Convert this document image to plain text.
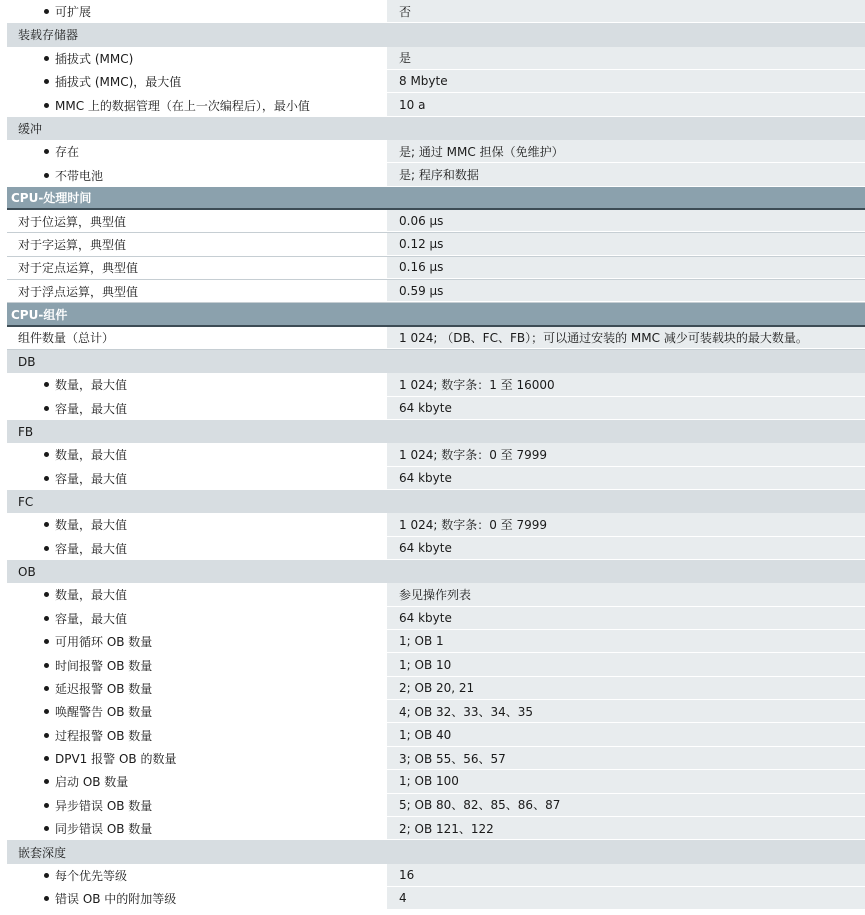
可扩展	否
装载存储器
插拔式 (MMC)	是
插拔式 (MMC)，最大值	8 Mbyte
MMC 上的数据管理（在上一次编程后），最小值	10 a
缓冲
存在	是; 通过 MMC 担保（免维护）
不带电池	是; 程序和数据
CPU-处理时间
对于位运算，典型值	0.06 μs
对于字运算，典型值	0.12 μs
对于定点运算，典型值	0.16 μs
对于浮点运算，典型值	0.59 μs
CPU-组件
组件数量（总计）	1 024; （DB、FC、FB）；可以通过安装的 MMC 减少可装载块的最大数量。
DB
数量，最大值	1 024; 数字条：1 至 16000
容量，最大值	64 kbyte
FB
数量，最大值	1 024; 数字条：0 至 7999
容量，最大值	64 kbyte
FC
数量，最大值	1 024; 数字条：0 至 7999
容量，最大值	64 kbyte
OB
数量，最大值	参见操作列表
容量，最大值	64 kbyte
可用循环 OB 数量	1; OB 1
时间报警 OB 数量	1; OB 10
延迟报警 OB 数量	2; OB 20, 21
唤醒警告 OB 数量	4; OB 32、33、34、35
过程报警 OB 数量	1; OB 40
DPV1 报警 OB 的数量	3; OB 55、56、57
启动 OB 数量	1; OB 100
异步错误 OB 数量	5; OB 80、82、85、86、87
同步错误 OB 数量	2; OB 121、122
嵌套深度
每个优先等级	16
错误 OB 中的附加等级	4
